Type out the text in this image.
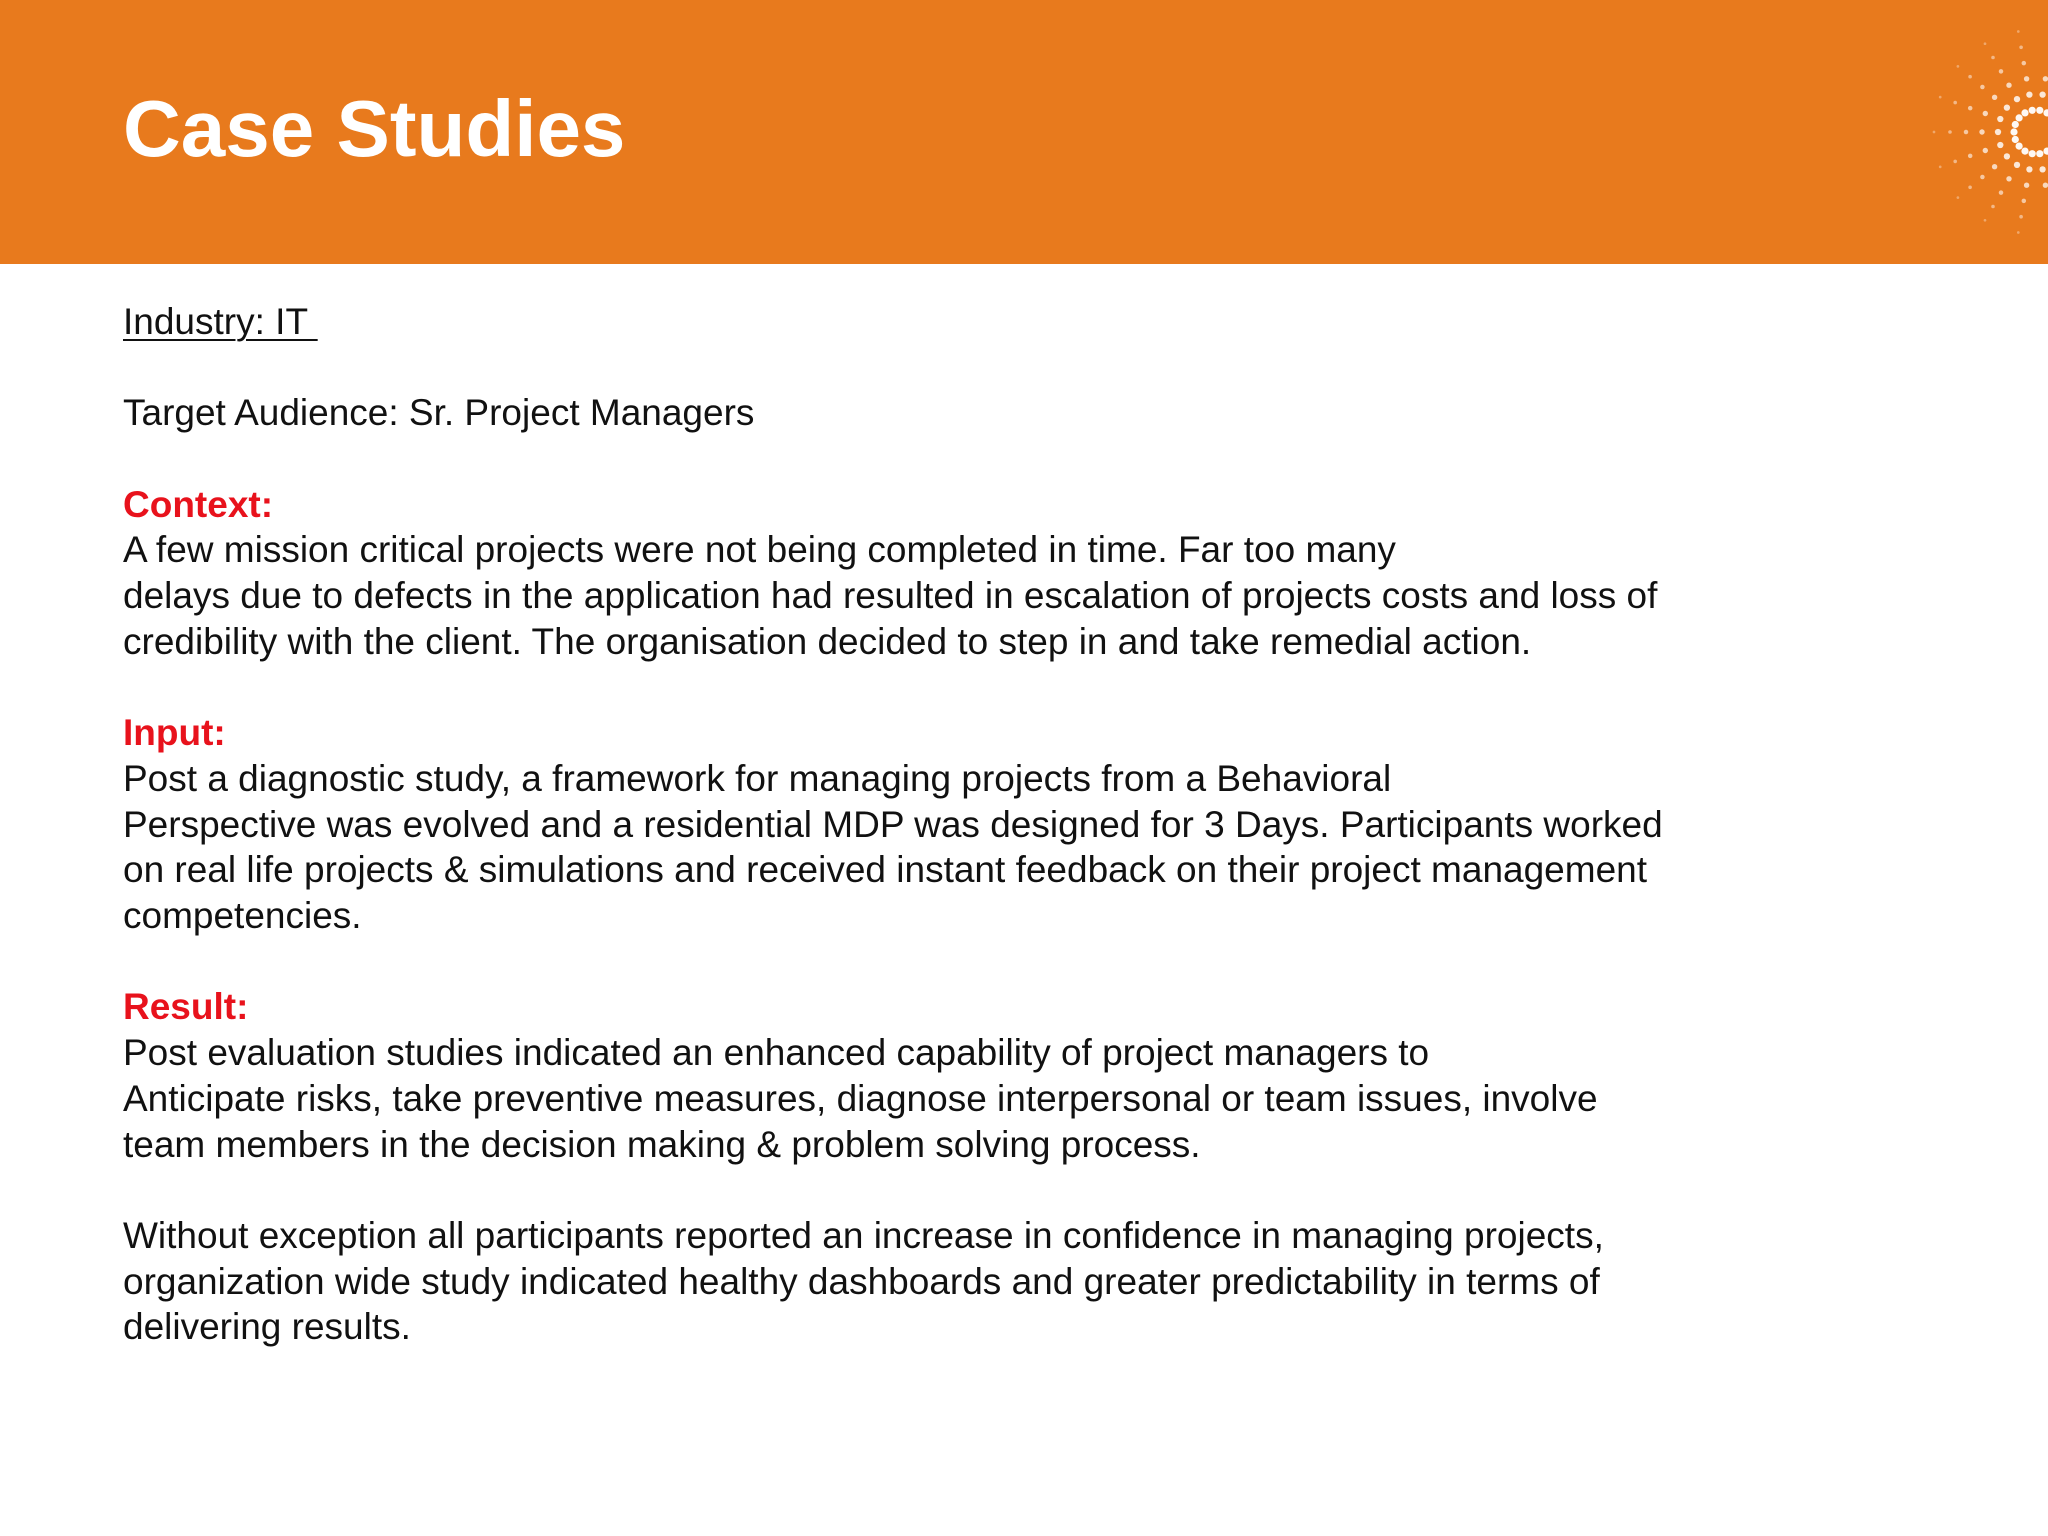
Case Studies

Industry: IT

Target Audience: Sr. Project Managers

Context:

A few mission critical projects were not being completed in time. Far too many
delays due to defects in the application had resulted in escalation of projects costs and loss of
credibility with the client. The organisation decided to step in and take remedial action.

Input:

Post a diagnostic study, a framework for managing projects from a Behavioral
Perspective was evolved and a residential MDP was designed for 3 Days. Participants worked
on real life projects & simulations and received instant feedback on their project management
competencies.

Result:

Post evaluation studies indicated an enhanced capability of project managers to
Anticipate risks, take preventive measures, diagnose interpersonal or team issues, involve
team members in the decision making & problem solving process.

Without exception all participants reported an increase in confidence in managing projects,
organization wide study indicated healthy dashboards and greater predictability in terms of
delivering results.
